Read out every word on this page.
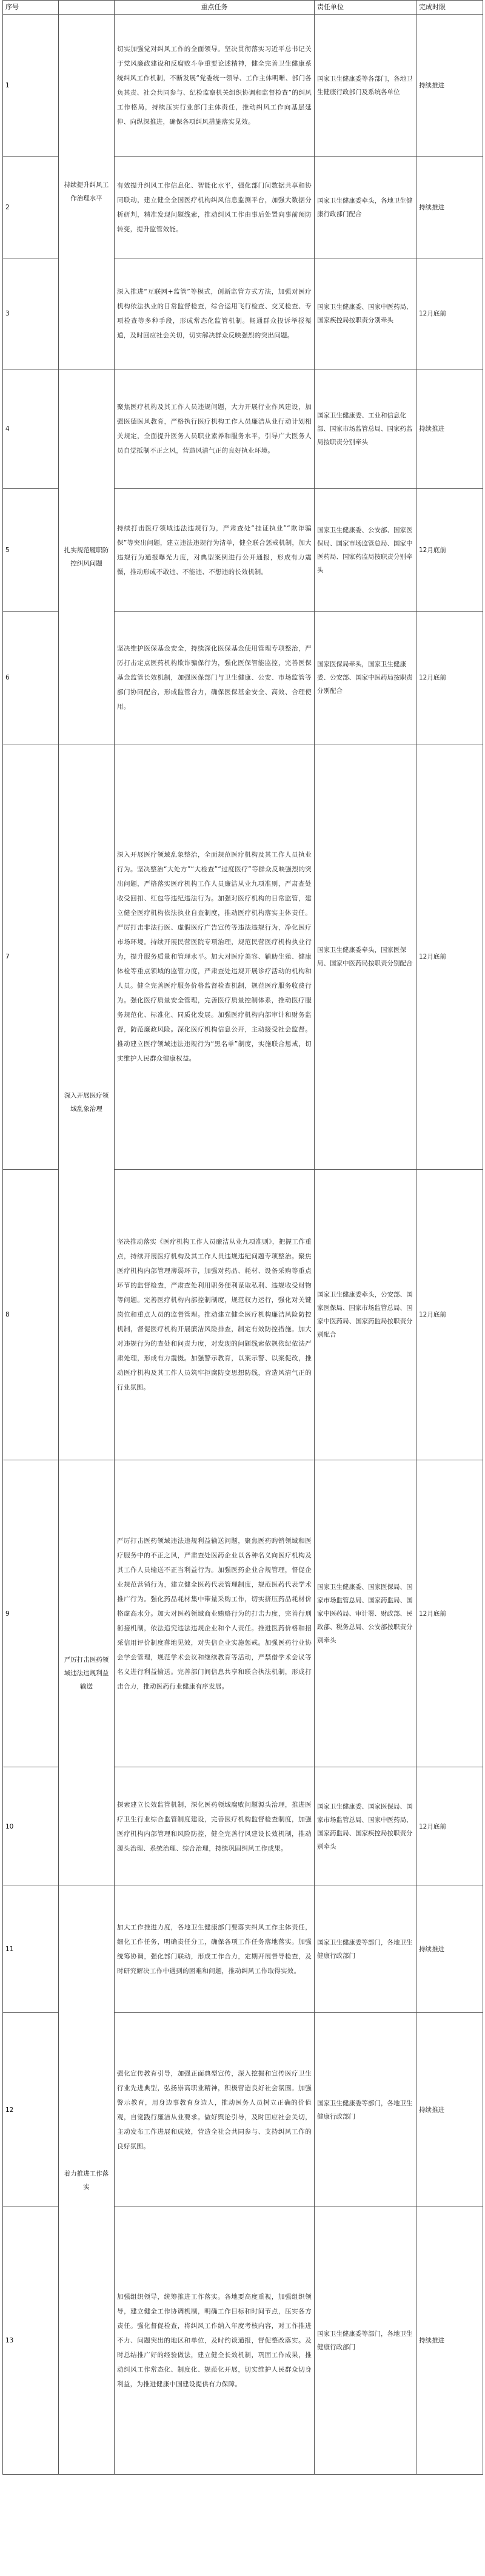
序号		重点任务	责任单位	完成时限
1	持续提升纠风工作治理水平	切实加强党对纠风工作的全面领导。坚决贯彻落实习近平总书记关于党风廉政建设和反腐败斗争重要论述精神，健全完善卫生健康系统纠风工作机制，不断发展“党委统一领导、工作主体明晰、部门各负其责、社会共同参与、纪检监察机关组织协调和监督检查”的纠风工作格局，持续压实行业部门主体责任，推动纠风工作向基层延伸、向纵深推进，确保各项纠风措施落实见效。	国家卫生健康委等各部门，各地卫生健康行政部门及系统各单位	持续推进
2		有效提升纠风工作信息化、智能化水平，强化部门间数据共享和协同联动，建立健全全国医疗机构纠风信息监测平台，加强大数据分析研判，精准发现问题线索，推动纠风工作由事后处置向事前预防转变，提升监管效能。	国家卫生健康委牵头，各地卫生健康行政部门配合	持续推进
3		深入推进“互联网+监管”等模式，创新监管方式方法，加强对医疗机构依法执业的日常监督检查，综合运用飞行检查、交叉检查、专项检查等多种手段，形成常态化监管机制。畅通群众投诉举报渠道，及时回应社会关切，切实解决群众反映强烈的突出问题。	国家卫生健康委、国家中医药局、国家疾控局按职责分别牵头	12月底前
4	扎实规范履职防控纠风问题	聚焦医疗机构及其工作人员违规问题，大力开展行业作风建设，加强医德医风教育，严格执行医疗机构工作人员廉洁从业行动计划相关规定，全面提升医务人员职业素养和服务水平，引导广大医务人员自觉抵制不正之风，营造风清气正的良好执业环境。	国家卫生健康委、工业和信息化部、国家市场监管总局、国家药监局按职责分别牵头	持续推进
5		持续打击医疗领域违法违规行为，严肃查处“挂证执业”“欺诈骗保”等突出问题，建立违法违规行为清单，健全联合惩戒机制，加大违规行为通报曝光力度，对典型案例进行公开通报，形成有力震慑，推动形成不敢违、不能违、不想违的长效机制。	国家卫生健康委、公安部、国家医保局、国家市场监管总局、国家中医药局、国家药监局按职责分别牵头	12月底前
6		坚决维护医保基金安全，持续深化医保基金使用管理专项整治，严厉打击定点医药机构欺诈骗保行为，强化医保智能监控，完善医保基金监管长效机制，加强医保部门与卫生健康、公安、市场监管等部门协同配合，形成监管合力，确保医保基金安全、高效、合理使用。	国家医保局牵头，国家卫生健康委、公安部、国家中医药局按职责分别配合	12月底前
7	深入开展医疗领域乱象治理	深入开展医疗领域乱象整治，全面规范医疗机构及其工作人员执业行为。坚决整治“大处方”“大检查”“过度医疗”等群众反映强烈的突出问题，严格落实医疗机构工作人员廉洁从业九项准则，严肃查处收受回扣、红包等违纪违法行为。加强对医疗机构的日常监管，建立健全医疗机构依法执业自查制度，推动医疗机构落实主体责任。严厉打击非法行医、虚假医疗广告宣传等违法违规行为，净化医疗市场环境。持续开展民营医院专项治理，规范民营医疗机构执业行为，提升服务质量和管理水平。加大对医疗美容、辅助生殖、健康体检等重点领域的监管力度，严肃查处违规开展诊疗活动的机构和人员。健全完善医疗服务价格监督检查机制，规范医疗服务收费行为。强化医疗质量安全管理，完善医疗质量控制体系，推动医疗服务规范化、标准化、同质化发展。加强医疗机构内部审计和财务监督，防范廉政风险。深化医疗机构信息公开，主动接受社会监督。推动建立医疗领域违法违规行为“黑名单”制度，实施联合惩戒，切实维护人民群众健康权益。	国家卫生健康委牵头，国家医保局、国家中医药局按职责分别配合	12月底前
8		坚决推动落实《医疗机构工作人员廉洁从业九项准则》，把握工作重点，持续开展医疗机构及其工作人员违规违纪问题专项整治。聚焦医疗机构内部管理薄弱环节，加强对药品、耗材、设备采购等重点环节的监督检查，严肃查处利用职务便利谋取私利、违规收受财物等问题。完善医疗机构内部控制制度，规范权力运行，强化对关键岗位和重点人员的监督管理。推动建立健全医疗机构廉洁风险防控机制，督促医疗机构开展廉洁风险排查，制定有效防控措施。加大对违规行为的查处和问责力度，对发现的问题线索依规依纪依法严肃处理，形成有力震慑。加强警示教育，以案示警、以案促改，推动医疗机构及其工作人员筑牢拒腐防变思想防线，营造风清气正的行业氛围。	国家卫生健康委牵头，公安部、国家医保局、国家市场监管总局、国家中医药局、国家药监局按职责分别配合	12月底前
9	严厉打击医药领域违法违规利益输送	严厉打击医药领域违法违规利益输送问题，聚焦医药购销领域和医疗服务中的不正之风，严肃查处医药企业以各种名义向医疗机构及其工作人员输送不正当利益行为。加强医药企业合规管理，督促企业规范营销行为，建立健全医药代表管理制度，规范医药代表学术推广行为。强化药品耗材集中带量采购工作，切实挤压药品耗材价格虚高水分。加大对医药领域商业贿赂行为的打击力度，完善行刑衔接机制，依法追究违法违规企业和个人责任。推进医药价格和招采信用评价制度落地见效，对失信企业实施惩戒。加强医药行业协会学会管理，规范学术会议和继续教育等活动，严禁借学术会议等名义进行利益输送。完善部门间信息共享和联合执法机制，形成打击合力，推动医药行业健康有序发展。	国家卫生健康委、国家医保局、国家市场监管总局、国家药监局、国家中医药局、审计署、财政部、民政部、税务总局、公安部按职责分别牵头	12月底前
10		探索建立长效监管机制，深化医药领域腐败问题源头治理，推进医疗卫生行业综合监管制度建设，完善医疗机构监督检查制度，加强医疗机构内部管理和风险防控，健全完善行风建设长效机制，推动源头治理、系统治理、综合治理，持续巩固纠风工作成果。	国家卫生健康委、国家医保局、国家市场监管总局、国家中医药局、国家药监局、国家疾控局按职责分别牵头	12月底前
11	着力推进工作落实	加大工作推进力度，各地卫生健康部门要落实纠风工作主体责任，细化工作任务，明确责任分工，确保各项工作任务落地落实。加强统筹协调，强化部门联动，形成工作合力，定期开展督导检查，及时研究解决工作中遇到的困难和问题，推动纠风工作取得实效。	国家卫生健康委等部门，各地卫生健康行政部门	持续推进
12		强化宣传教育引导，加强正面典型宣传，深入挖掘和宣传医疗卫生行业先进典型，弘扬崇高职业精神，积极营造良好社会氛围。加强警示教育，用身边事教育身边人，推动医务人员树立正确的价值观，自觉践行廉洁从业要求。做好舆论引导，及时回应社会关切，主动发布工作进展和成效，营造全社会共同参与、支持纠风工作的良好氛围。	国家卫生健康委等部门，各地卫生健康行政部门	持续推进
13		加强组织领导，统筹推进工作落实。各地要高度重视，加强组织领导，建立健全工作协调机制，明确工作目标和时间节点，压实各方责任。强化督促检查，将纠风工作纳入年度考核内容，对工作推进不力、问题突出的地区和单位，及时约谈通报，督促整改落实。及时总结推广好的经验做法，建立健全长效机制，巩固工作成果，推动纠风工作常态化、制度化、规范化开展，切实维护人民群众切身利益，为推进健康中国建设提供有力保障。	国家卫生健康委等部门，各地卫生健康行政部门	持续推进
